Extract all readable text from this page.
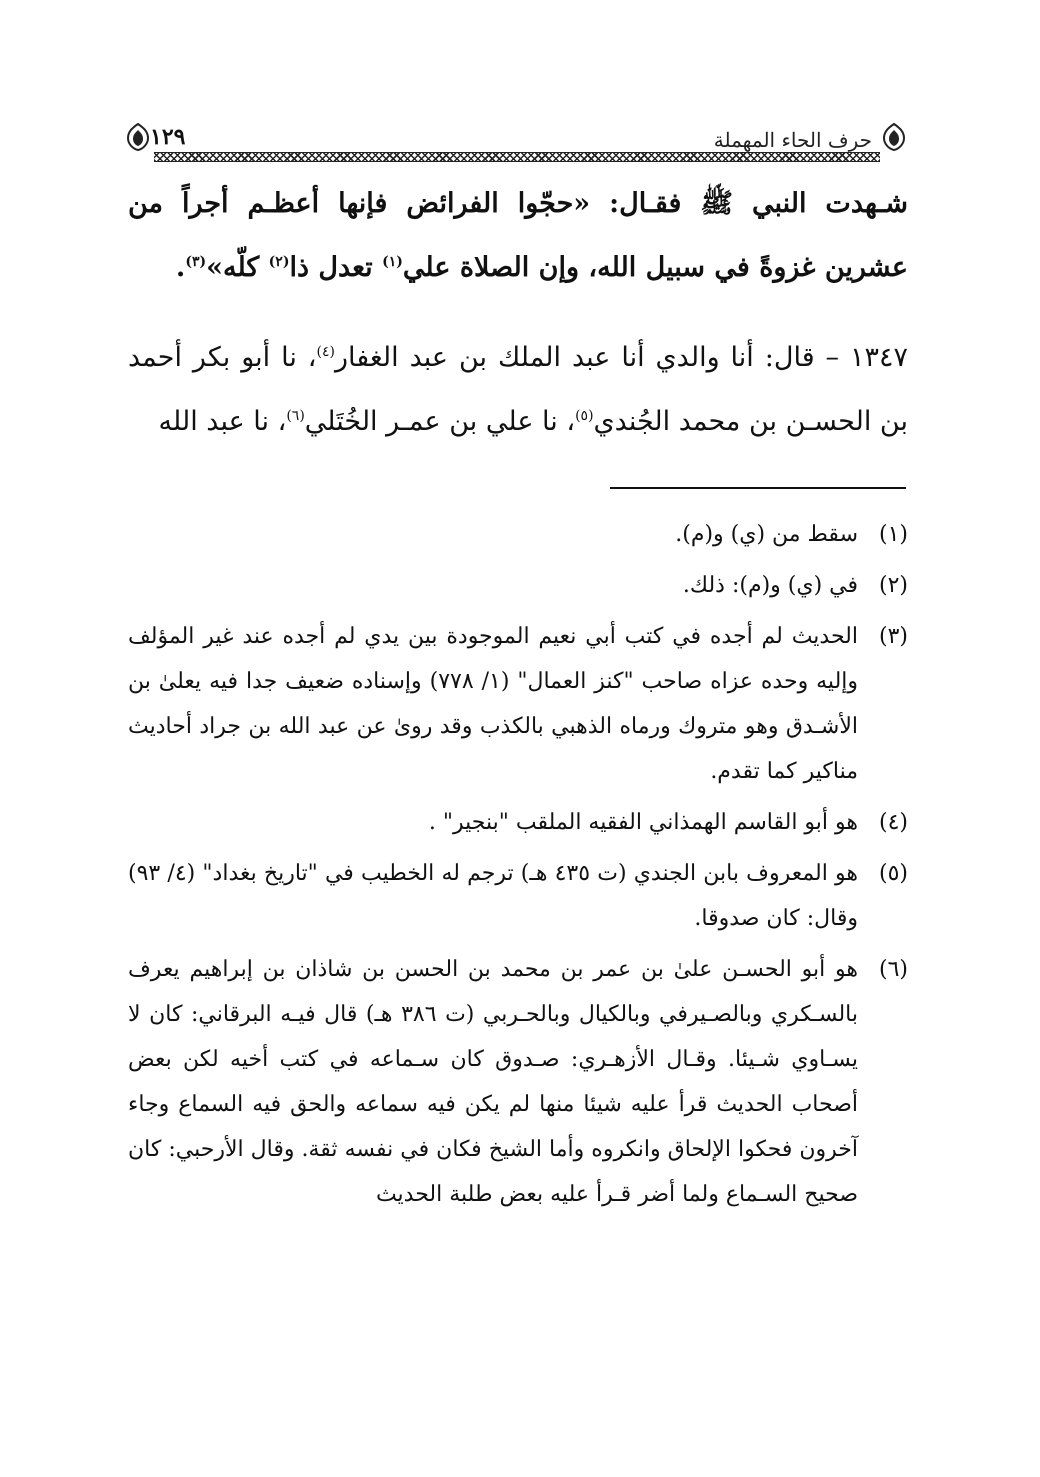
حرف الحاء المهملة
١٢٩

شـهدت النبي ﷺ فقـال: «حجّوا الفرائض فإنها أعظـم أجراً من عشرين غزوةً في سبيل الله، وإن الصلاة علي$^{(١)}$ تعدل ذا$^{(٢)}$ كلّه»$^{(٣)}$.

١٣٤٧ – قال: أنا والدي أنا عبد الملك بن عبد الغفار$^{(٤)}$، نا أبو بكر أحمد بن الحسـن بن محمد الجُندي$^{(٥)}$، نا علي بن عمـر الخُتَلي$^{(٦)}$، نا عبد الله

(١)
سقط من (ي) و(م).
(٢)
في (ي) و(م): ذلك.
(٣)
الحديث لم أجده في كتب أبي نعيم الموجودة بين يدي لم أجده عند غير المؤلف وإليه وحده عزاه صاحب "كنز العمال" (١/ ٧٧٨) وإسناده ضعيف جدا فيه يعلىٰ بن الأشـدق وهو متروك ورماه الذهبي بالكذب وقد روىٰ عن عبد الله بن جراد أحاديث مناكير كما تقدم.
(٤)
هو أبو القاسم الهمذاني الفقيه الملقب "بنجير" .
(٥)
هو المعروف بابن الجندي (ت ٤٣٥ هـ) ترجم له الخطيب في "تاريخ بغداد" (٤/ ٩٣) وقال: كان صدوقا.
(٦)
هو أبو الحسـن علىٰ بن عمر بن محمد بن الحسن بن شاذان بن إبراهيم يعرف بالسـكري وبالصـيرفي وبالكيال وبالحـربي (ت ٣٨٦ هـ) قال فيـه البرقاني: كان لا يسـاوي شـيئا. وقـال الأزهـري: صـدوق كان سـماعه في كتب أخيه لكن بعض أصحاب الحديث قرأ عليه شيئا منها لم يكن فيه سماعه والحق فيه السماع وجاء آخرون فحكوا الإلحاق وانكروه وأما الشيخ فكان في نفسه ثقة. وقال الأرحبي: كان صحيح السـماع ولما أضر قـرأ عليه بعض طلبة الحديث
